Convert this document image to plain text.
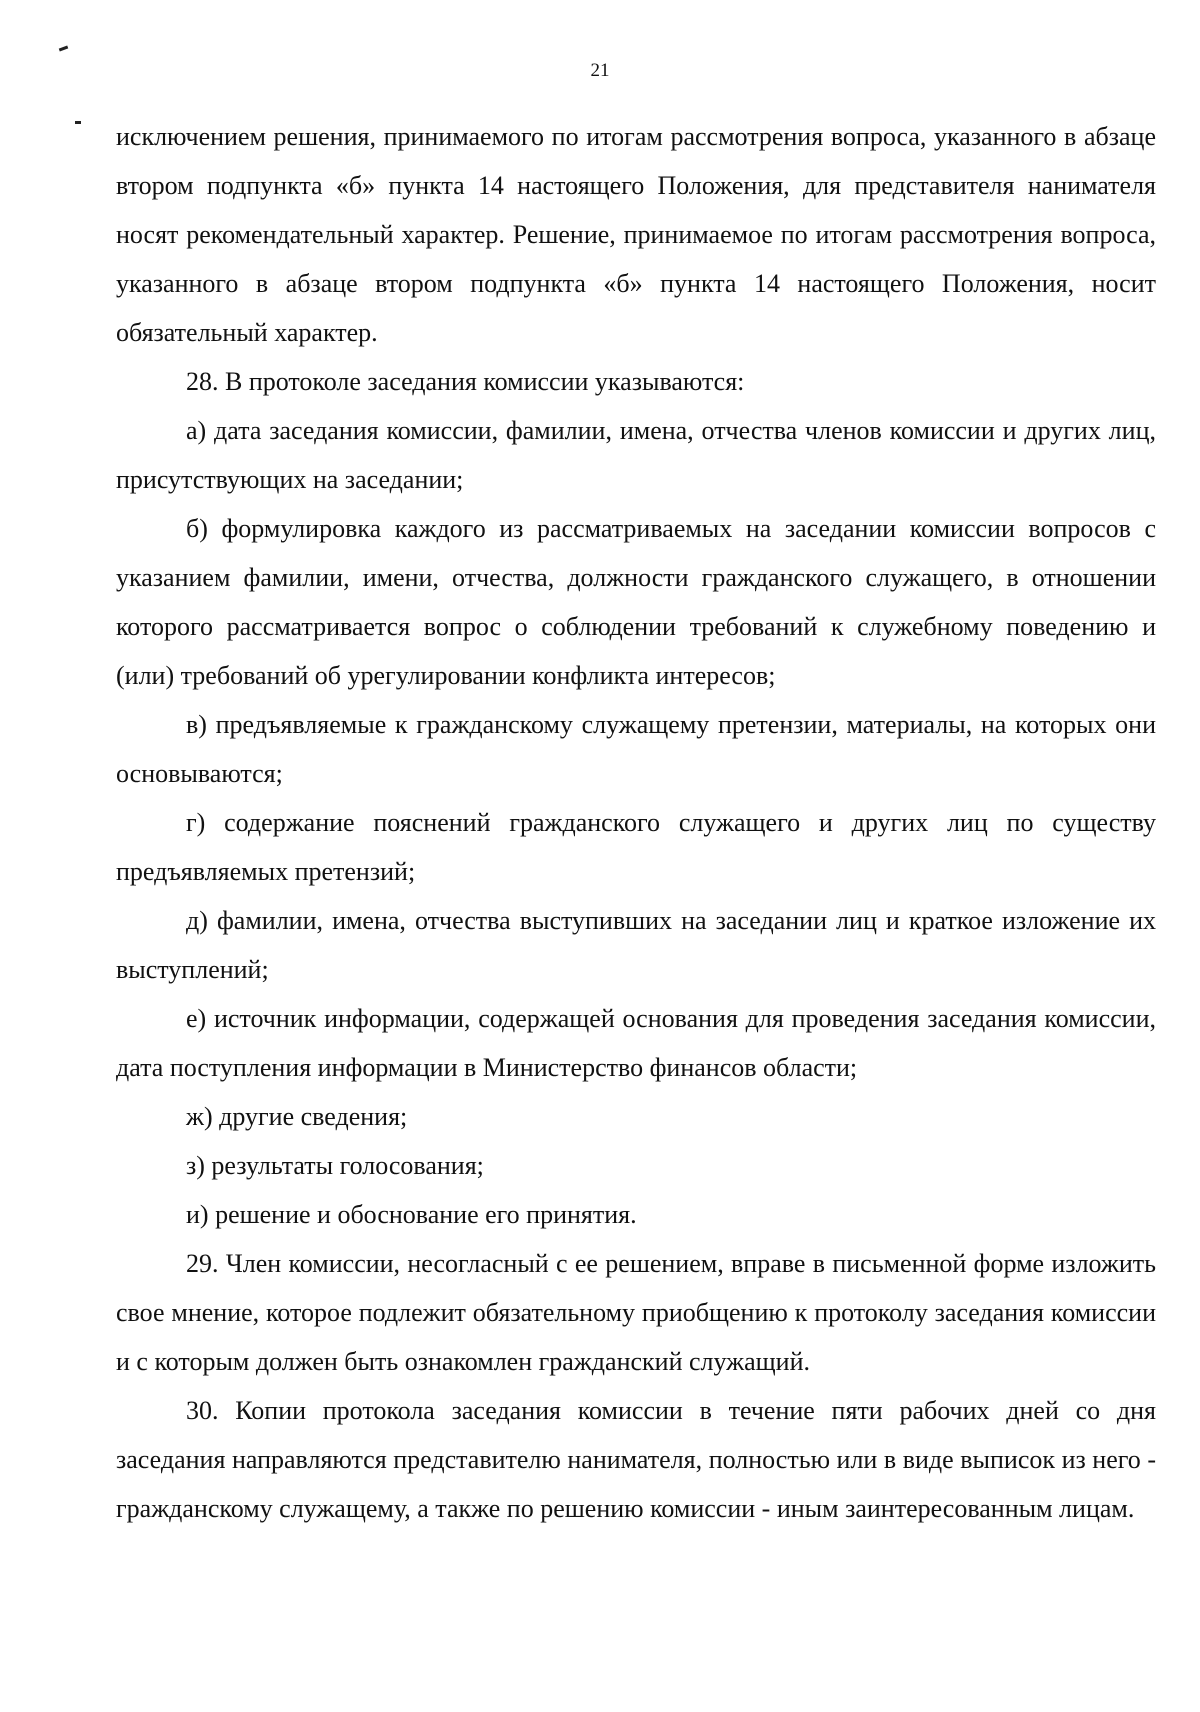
21

исключением решения, принимаемого по итогам рассмотрения вопроса, указанного в абзаце втором подпункта «б» пункта 14 настоящего Положения, для представителя нанимателя носят рекомендательный характер. Решение, принимаемое по итогам рассмотрения вопроса, указанного в абзаце втором подпункта «б» пункта 14 настоящего Положения, носит обязательный характер.

28. В протоколе заседания комиссии указываются:

а) дата заседания комиссии, фамилии, имена, отчества членов комиссии и других лиц, присутствующих на заседании;

б) формулировка каждого из рассматриваемых на заседании комиссии вопросов с указанием фамилии, имени, отчества, должности гражданского служащего, в отношении которого рассматривается вопрос о соблюдении требований к служебному поведению и (или) требований об урегулировании конфликта интересов;

в) предъявляемые к гражданскому служащему претензии, материалы, на которых они основываются;

г) содержание пояснений гражданского служащего и других лиц по существу предъявляемых претензий;

д) фамилии, имена, отчества выступивших на заседании лиц и краткое изложение их выступлений;

е) источник информации, содержащей основания для проведения заседания комиссии, дата поступления информации в Министерство финансов области;

ж) другие сведения;

з) результаты голосования;

и) решение и обоснование его принятия.

29. Член комиссии, несогласный с ее решением, вправе в письменной форме изложить свое мнение, которое подлежит обязательному приобщению к протоколу заседания комиссии и с которым должен быть ознакомлен гражданский служащий.

30. Копии протокола заседания комиссии в течение пяти рабочих дней со дня заседания направляются представителю нанимателя, полностью или в виде выписок из него - гражданскому служащему, а также по решению комиссии - иным заинтересованным лицам.
